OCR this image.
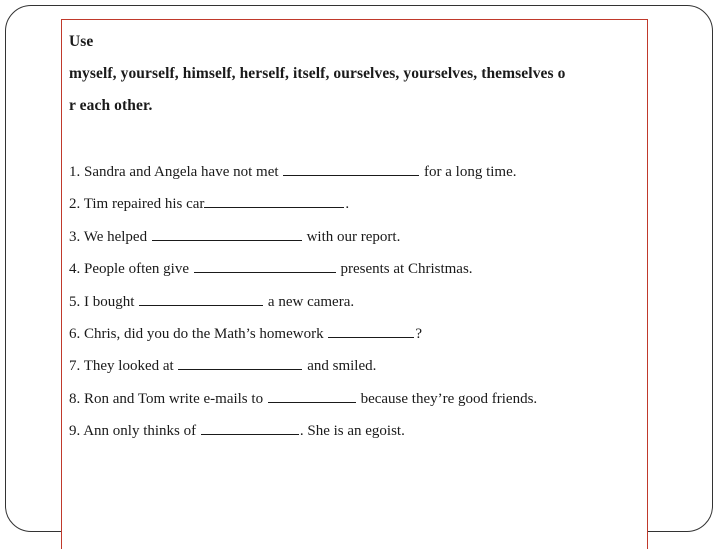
Use
myself, yourself, himself, herself, itself, ourselves, yourselves, themselves o
r each other.
1. Sandra and Angela have not met	for a long time.
2. Tim repaired his car	.
3. We helped	with our report.
4. People often give	presents at Christmas.
5. I bought	a new camera.
6. Chris, did you do the Math’s homework	?
7. They looked at	and smiled.
8. Ron and Tom write e-mails to	because they’re good friends.
9. Ann only thinks of	. She is an egoist.
